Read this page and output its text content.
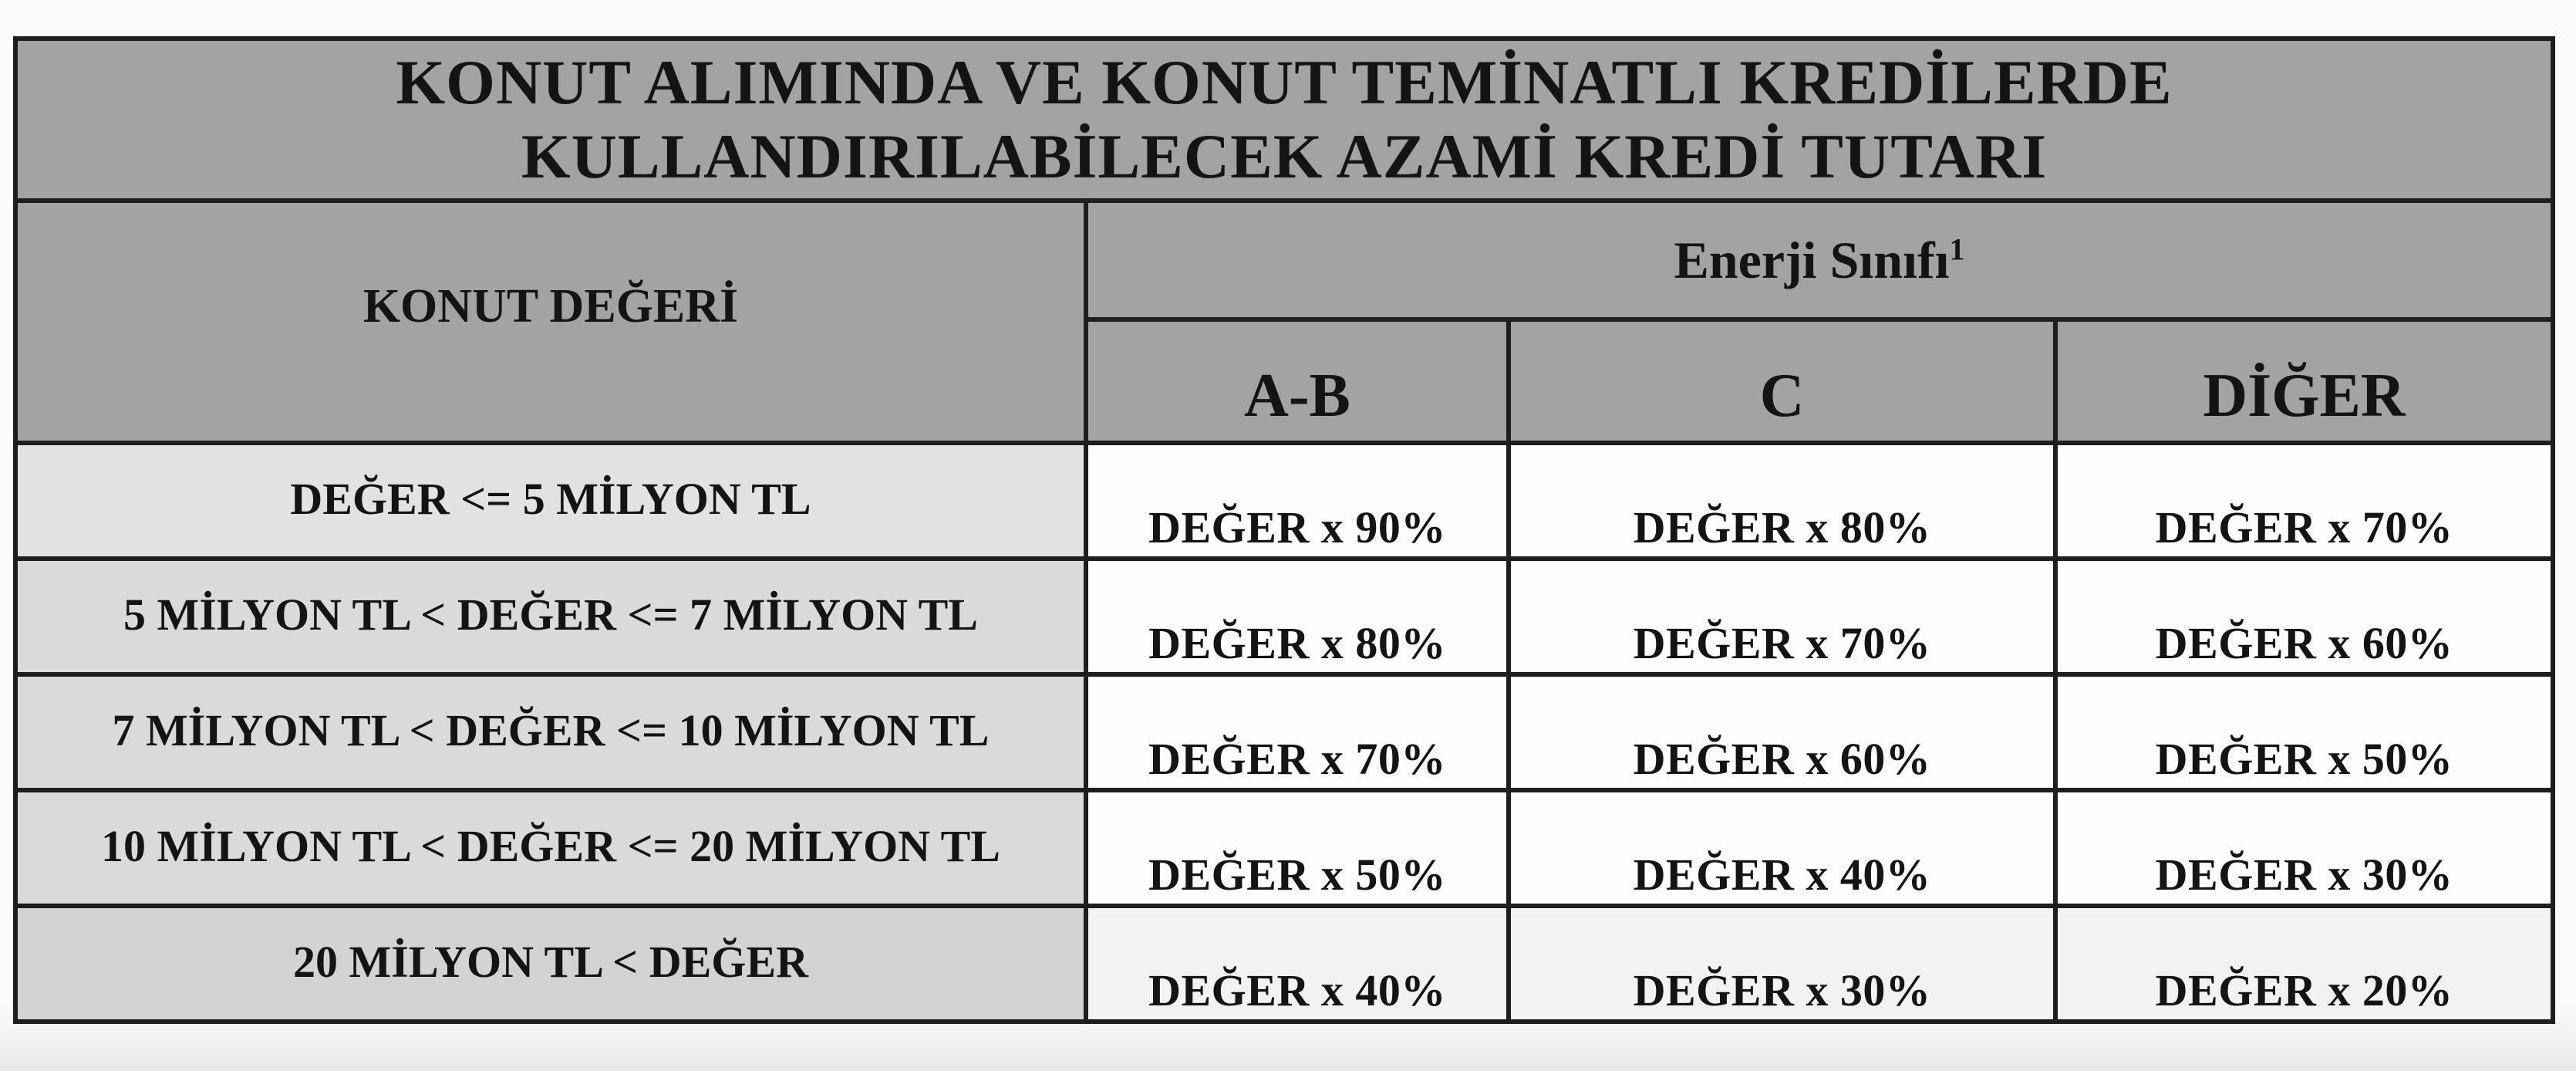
KONUT ALIMINDA VE KONUT TEMİNATLI KREDİLERDE
KULLANDIRILABİLECEK AZAMİ KREDİ TUTARI			

KONUT DEĞERİ	Enerji Sınıfı$^1$
	A-B	C	DİĞER
DEĞER <= 5 MİLYON TL	DEĞER x 90%	DEĞER x 80%	DEĞER x 70%
5 MİLYON TL < DEĞER <= 7 MİLYON TL	DEĞER x 80%	DEĞER x 70%	DEĞER x 60%
7 MİLYON TL < DEĞER <= 10 MİLYON TL	DEĞER x 70%	DEĞER x 60%	DEĞER x 50%
10 MİLYON TL < DEĞER <= 20 MİLYON TL	DEĞER x 50%	DEĞER x 40%	DEĞER x 30%
20 MİLYON TL < DEĞER	DEĞER x 40%	DEĞER x 30%	DEĞER x 20%
